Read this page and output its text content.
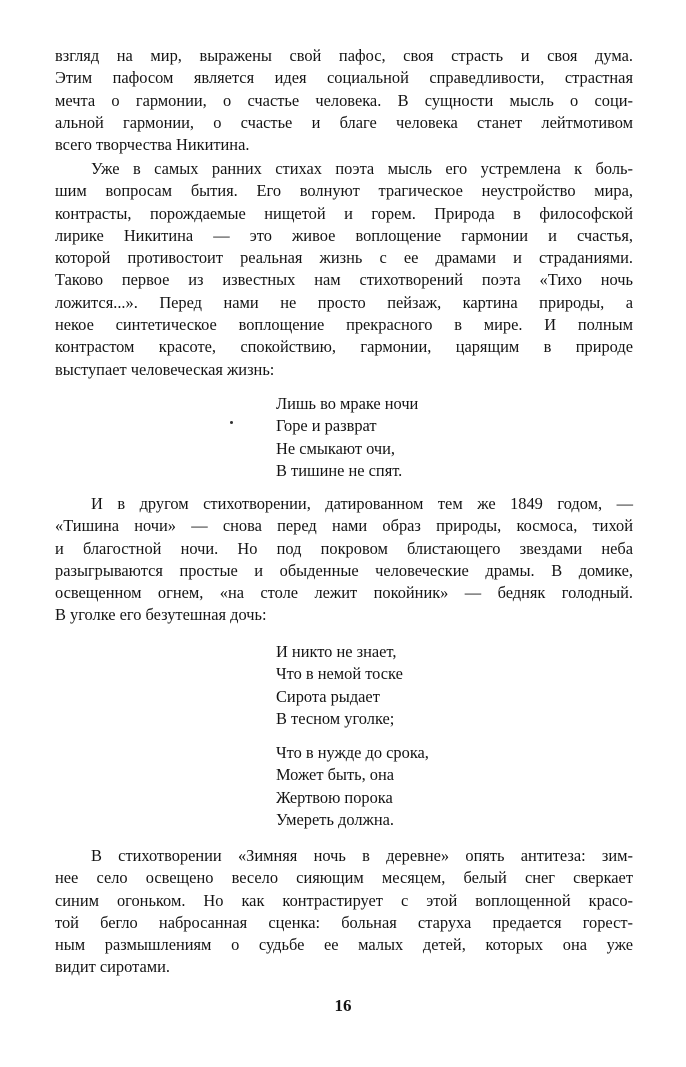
взгляд на мир, выражены свой пафос, своя страсть и своя дума.
Этим пафосом является идея социальной справедливости, страстная
мечта о гармонии, о счастье человека. В сущности мысль о соци-
альной гармонии, о счастье и благе человека станет лейтмотивом
всего творчества Никитина.

Уже в самых ранних стихах поэта мысль его устремлена к боль-
шим вопросам бытия. Его волнуют трагическое неустройство мира,
контрасты, порождаемые нищетой и горем. Природа в философской
лирике Никитина — это живое воплощение гармонии и счастья,
которой противостоит реальная жизнь с ее драмами и страданиями.
Таково первое из известных нам стихотворений поэта «Тихо ночь
ложится...». Перед нами не просто пейзаж, картина природы, а
некое синтетическое воплощение прекрасного в мире. И полным
контрастом красоте, спокойствию, гармонии, царящим в природе
выступает человеческая жизнь:

Лишь во мраке ночи
Горе и разврат
Не смыкают очи,
В тишине не спят.

И в другом стихотворении, датированном тем же 1849 годом, —
«Тишина ночи» — снова перед нами образ природы, космоса, тихой
и благостной ночи. Но под покровом блистающего звездами неба
разыгрываются простые и обыденные человеческие драмы. В домике,
освещенном огнем, «на столе лежит покойник» — бедняк голодный.
В уголке его безутешная дочь:

И никто не знает,
Что в немой тоске
Сирота рыдает
В тесном уголке;
Что в нужде до срока,
Может быть, она
Жертвою порока
Умереть должна.

В стихотворении «Зимняя ночь в деревне» опять антитеза: зим-
нее село освещено весело сияющим месяцем, белый снег сверкает
синим огоньком. Но как контрастирует с этой воплощенной красо-
той бегло набросанная сценка: больная старуха предается горест-
ным размышлениям о судьбе ее малых детей, которых она уже
видит сиротами.

16
